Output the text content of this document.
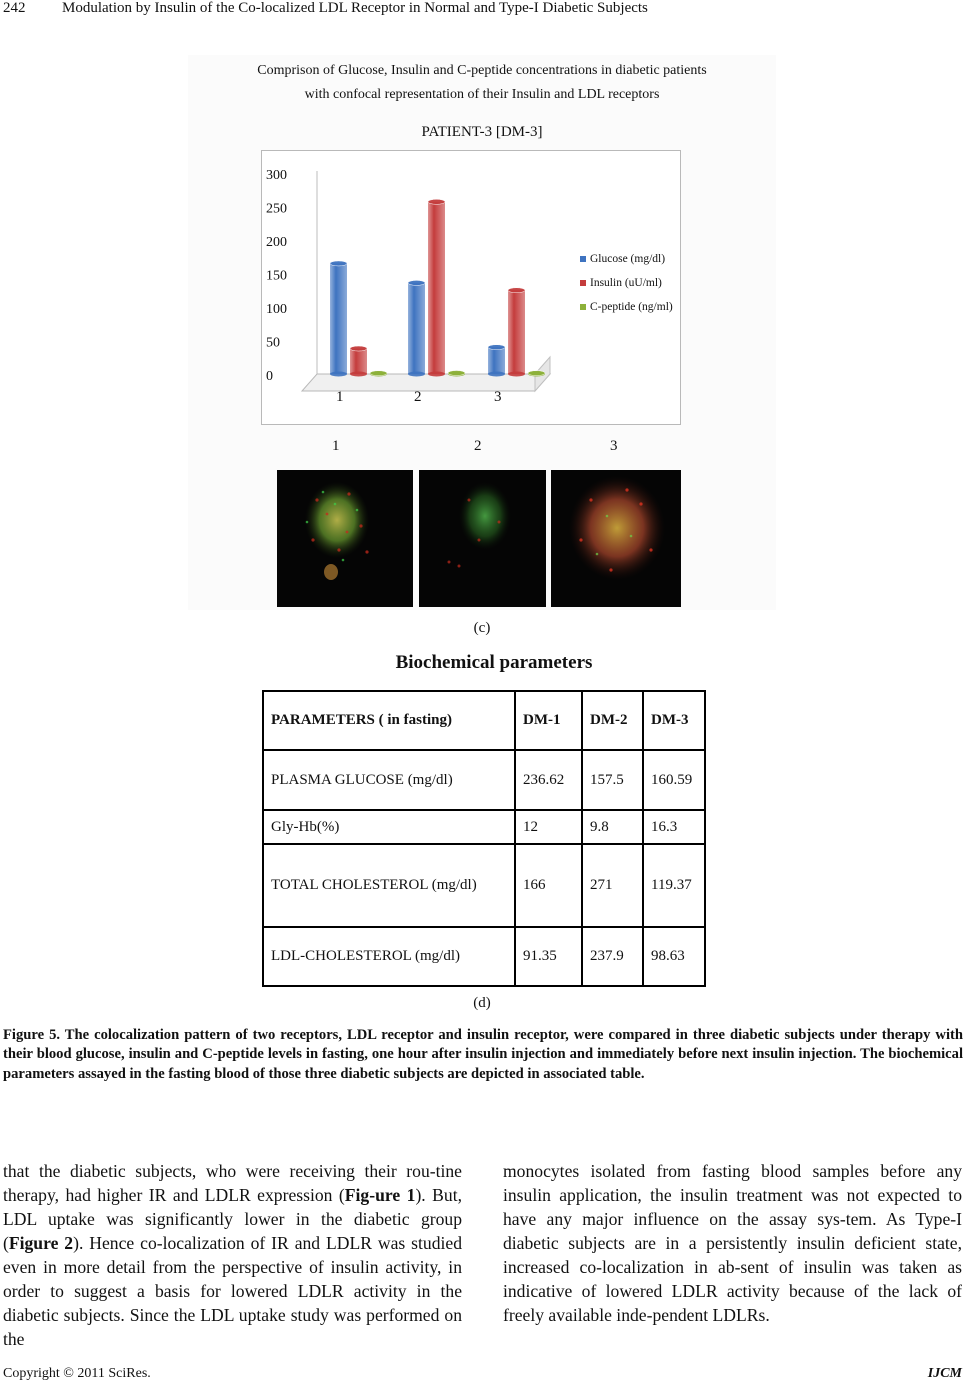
242 Modulation by Insulin of the Co-localized LDL Receptor in Normal and Type-I Diabetic Subjects
Comprison of Glucose, Insulin and C-peptide concentrations in diabetic patients
with confocal representation of their Insulin and LDL receptors
PATIENT-3 [DM-3]
0
50
100
150
200
250
300
1	2	3
Glucose (mg/dl)
Insulin (uU/ml)
C-peptide (ng/ml)
1	2	3
(c)
Biochemical parameters
PARAMETERS ( in fasting)	DM-1	DM-2	DM-3
PLASMA GLUCOSE (mg/dl)	236.62	157.5	160.59
Gly-Hb(%)	12	9.8	16.3
TOTAL CHOLESTEROL (mg/dl)	166	271	119.37
LDL-CHOLESTEROL (mg/dl)	91.35	237.9	98.63
(d)
Figure 5. The colocalization pattern of two receptors, LDL receptor and insulin receptor, were compared in three diabetic subjects under therapy with their blood glucose, insulin and C-peptide levels in fasting, one hour after insulin injection and immediately before next insulin injection. The biochemical parameters assayed in the fasting blood of those three diabetic subjects are depicted in associated table.
that the diabetic subjects, who were receiving their rou-tine therapy, had higher IR and LDLR expression (Fig-ure 1). But, LDL uptake was significantly lower in the diabetic group (Figure 2). Hence co-localization of IR and LDLR was studied even in more detail from the perspective of insulin activity, in order to suggest a basis for lowered LDLR activity in the diabetic subjects. Since the LDL uptake study was performed on the
monocytes isolated from fasting blood samples before any insulin application, the insulin treatment was not expected to have any major influence on the assay sys-tem. As Type-I diabetic subjects are in a persistently insulin deficient state, increased co-localization in ab-sent of insulin was taken as indicative of lowered LDLR activity because of the lack of freely available inde-pendent LDLRs.
Copyright © 2011 SciRes.	IJCM
